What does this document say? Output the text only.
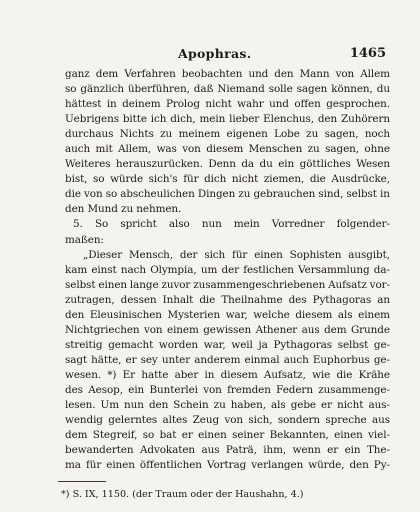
Apophras.	1465
ganz dem Verfahren beobachten und den Mann von Allem
so gänzlich überführen, daß Niemand solle sagen können, du
hättest in deinem Prolog nicht wahr und offen gesprochen.
Uebrigens bitte ich dich, mein lieber Elenchus, den Zuhörern
durchaus Nichts zu meinem eigenen Lobe zu sagen, noch
auch mit Allem, was von diesem Menschen zu sagen, ohne
Weiteres herauszurücken. Denn da du ein göttliches Wesen
bist, so würde sich's für dich nicht ziemen, die Ausdrücke,
die von so abscheulichen Dingen zu gebrauchen sind, selbst in
den Mund zu nehmen.
5. So spricht also nun mein Vorredner folgender-
maßen:
„Dieser Mensch, der sich für einen Sophisten ausgibt,
kam einst nach Olympia, um der festlichen Versammlung da-
selbst einen lange zuvor zusammengeschriebenen Aufsatz vor-
zutragen, dessen Inhalt die Theilnahme des Pythagoras an
den Eleusinischen Mysterien war, welche diesem als einem
Nichtgriechen von einem gewissen Athener aus dem Grunde
streitig gemacht worden war, weil ja Pythagoras selbst ge-
sagt hätte, er sey unter anderem einmal auch Euphorbus ge-
wesen. *) Er hatte aber in diesem Aufsatz, wie die Krähe
des Aesop, ein Bunterlei von fremden Federn zusammenge-
lesen. Um nun den Schein zu haben, als gebe er nicht aus-
wendig gelerntes altes Zeug von sich, sondern spreche aus
dem Stegreif, so bat er einen seiner Bekannten, einen viel-
bewanderten Advokaten aus Paträ, ihm, wenn er ein The-
ma für einen öffentlichen Vortrag verlangen würde, den Py-
*) S. IX, 1150. (der Traum oder der Haushahn, 4.)
